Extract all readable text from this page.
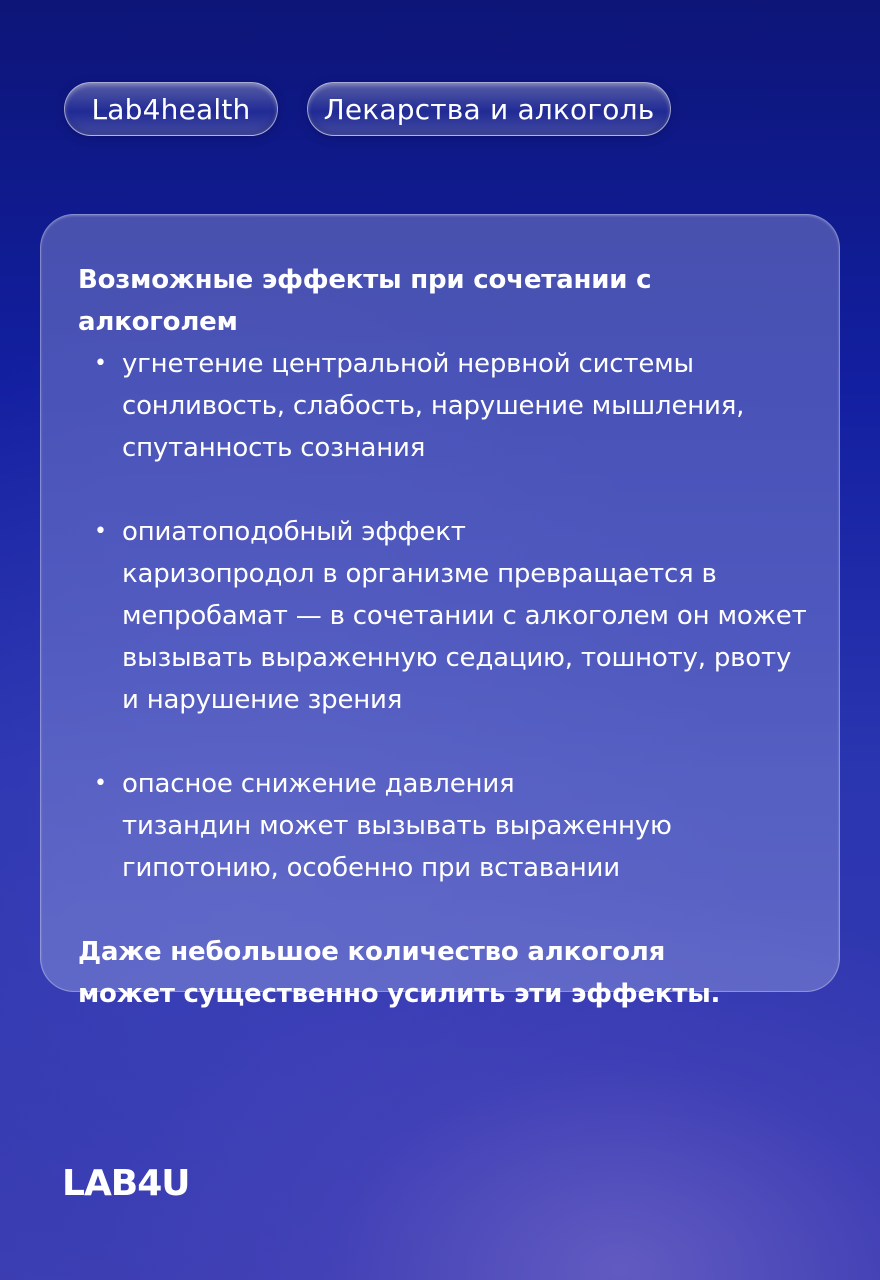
Lab4health	Лекарства и алкоголь

Возможные эффекты при сочетании с алкоголем

• угнетение центральной нервной системы
сонливость, слабость, нарушение мышления, спутанность сознания
• опиатоподобный эффект
каризопродол в организме превращается в мепробамат — в сочетании с алкоголем он может вызывать выраженную седацию, тошноту, рвоту и нарушение зрения
• опасное снижение давления
тизандин может вызывать выраженную гипотонию, особенно при вставании

Даже небольшое количество алкоголя может существенно усилить эти эффекты.

LAB4U
